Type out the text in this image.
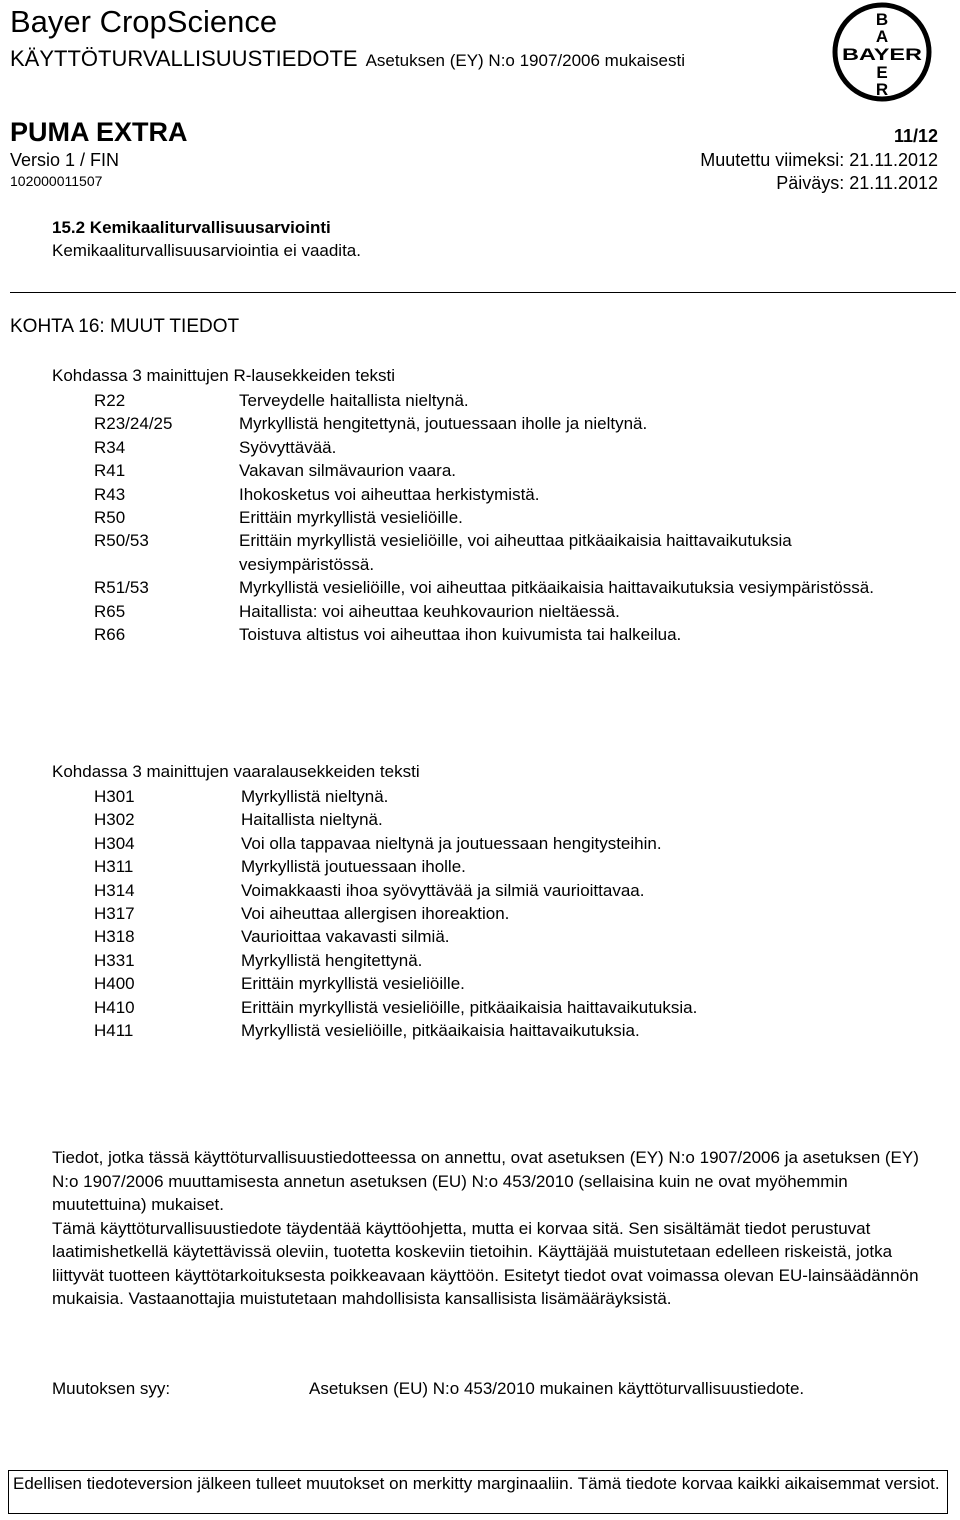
Bayer CropScience
KÄYTTÖTURVALLISUUSTIEDOTE Asetuksen (EY) N:o 1907/2006 mukaisesti
B
A
BAYER
E
R
PUMA EXTRA	11/12
Versio 1 / FIN	Muutettu viimeksi: 21.11.2012
102000011507	Päiväys: 21.11.2012
15.2 Kemikaaliturvallisuusarviointi
Kemikaaliturvallisuusarviointia ei vaadita.
KOHTA 16: MUUT TIEDOT
Kohdassa 3 mainittujen R-lausekkeiden teksti
R22	Terveydelle haitallista nieltynä.
R23/24/25	Myrkyllistä hengitettynä, joutuessaan iholle ja nieltynä.
R34	Syövyttävää.
R41	Vakavan silmävaurion vaara.
R43	Ihokosketus voi aiheuttaa herkistymistä.
R50	Erittäin myrkyllistä vesieliöille.
R50/53	Erittäin myrkyllistä vesieliöille, voi aiheuttaa pitkäaikaisia haittavaikutuksia vesiympäristössä.
R51/53	Myrkyllistä vesieliöille, voi aiheuttaa pitkäaikaisia haittavaikutuksia vesiympäristössä.
R65	Haitallista: voi aiheuttaa keuhkovaurion nieltäessä.
R66	Toistuva altistus voi aiheuttaa ihon kuivumista tai halkeilua.
Kohdassa 3 mainittujen vaaralausekkeiden teksti
H301	Myrkyllistä nieltynä.
H302	Haitallista nieltynä.
H304	Voi olla tappavaa nieltynä ja joutuessaan hengitysteihin.
H311	Myrkyllistä joutuessaan iholle.
H314	Voimakkaasti ihoa syövyttävää ja silmiä vaurioittavaa.
H317	Voi aiheuttaa allergisen ihoreaktion.
H318	Vaurioittaa vakavasti silmiä.
H331	Myrkyllistä hengitettynä.
H400	Erittäin myrkyllistä vesieliöille.
H410	Erittäin myrkyllistä vesieliöille, pitkäaikaisia haittavaikutuksia.
H411	Myrkyllistä vesieliöille, pitkäaikaisia haittavaikutuksia.

Tiedot, jotka tässä käyttöturvallisuustiedotteessa on annettu, ovat asetuksen (EY) N:o 1907/2006 ja asetuksen (EY) N:o 1907/2006 muuttamisesta annetun asetuksen (EU) N:o 453/2010 (sellaisina kuin ne ovat myöhemmin muutettuina) mukaiset.

Tämä käyttöturvallisuustiedote täydentää käyttöohjetta, mutta ei korvaa sitä. Sen sisältämät tiedot perustuvat laatimishetkellä käytettävissä oleviin, tuotetta koskeviin tietoihin. Käyttäjää muistutetaan edelleen riskeistä, jotka liittyvät tuotteen käyttötarkoituksesta poikkeavaan käyttöön. Esitetyt tiedot ovat voimassa olevan EU-lainsäädännön mukaisia. Vastaanottajia muistutetaan mahdollisista kansallisista lisämääräyksistä.

Muutoksen syy:	Asetuksen (EU) N:o 453/2010 mukainen käyttöturvallisuustiedote.
Edellisen tiedoteversion jälkeen tulleet muutokset on merkitty marginaaliin. Tämä tiedote korvaa kaikki aikaisemmat versiot.
